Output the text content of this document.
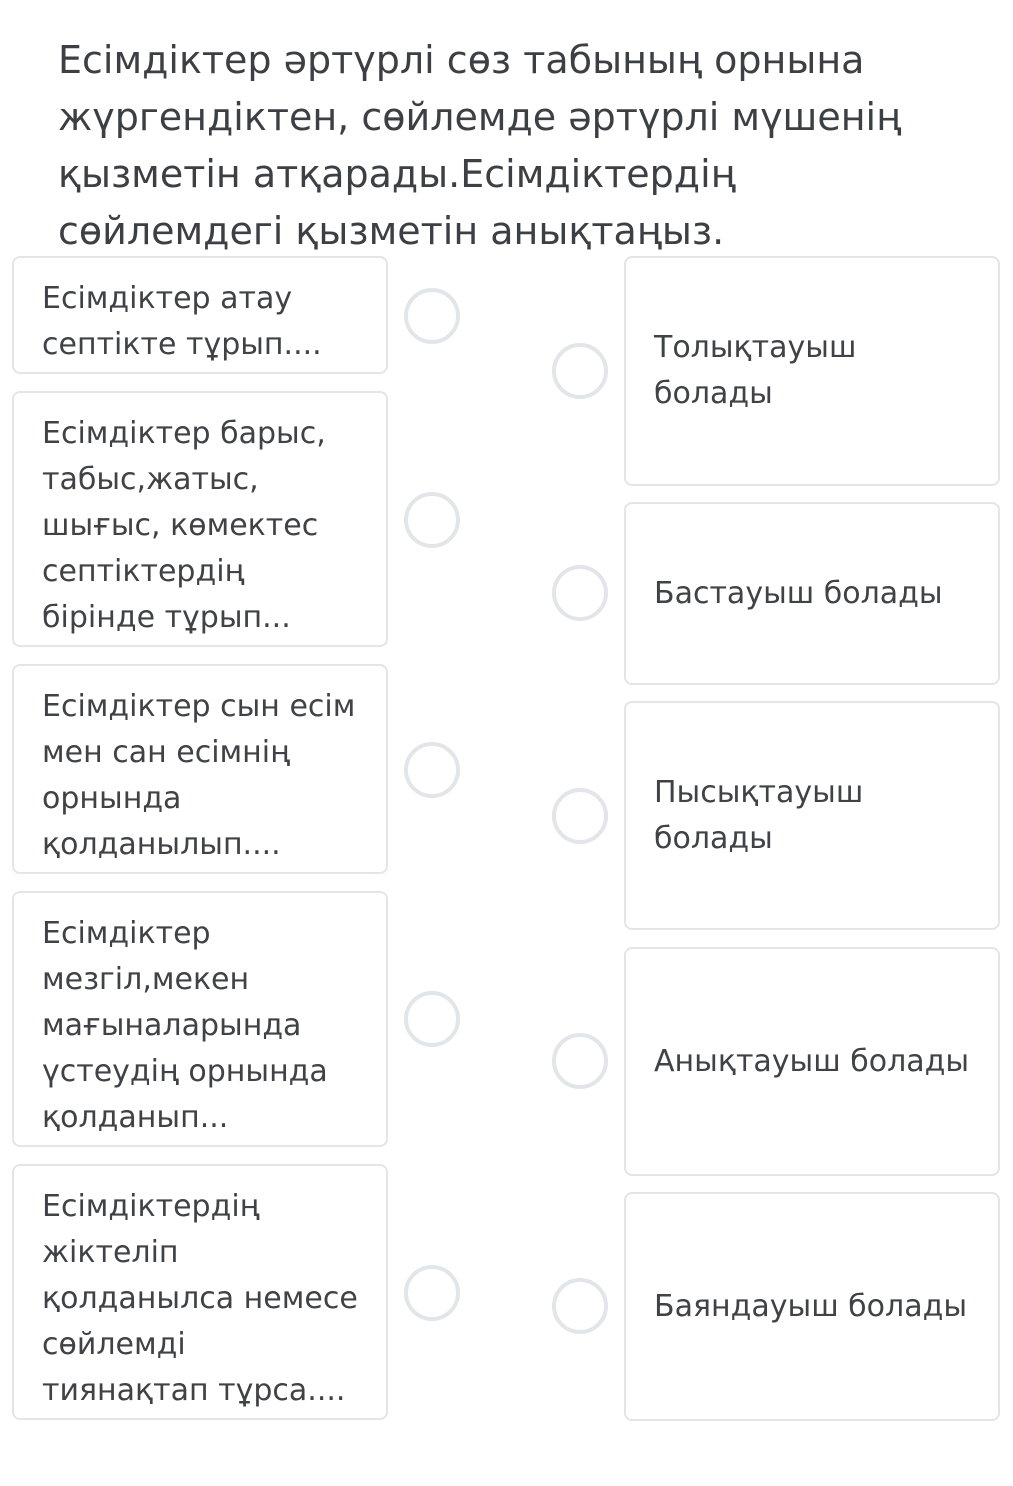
Есімдіктер әртүрлі сөз табының орнына жүргендіктен, сөйлемде әртүрлі мүшенің қызметін атқарады.Есімдіктердің сөйлемдегі қызметін анықтаңыз.

Есімдіктер атау септікте тұрып....
Есімдіктер барыс, табыс,жатыс, шығыс, көмектес септіктердің бірінде тұрып...
Есімдіктер сын есім мен сан есімнің орнында қолданылып....
Есімдіктер мезгіл,мекен мағыналарында үстеудің орнында қолданып...
Есімдіктердің жіктеліп қолданылса немесе сөйлемді тиянақтап тұрса....
Толықтауыш болады
Бастауыш болады
Пысықтауыш болады
Анықтауыш болады
Баяндауыш болады
